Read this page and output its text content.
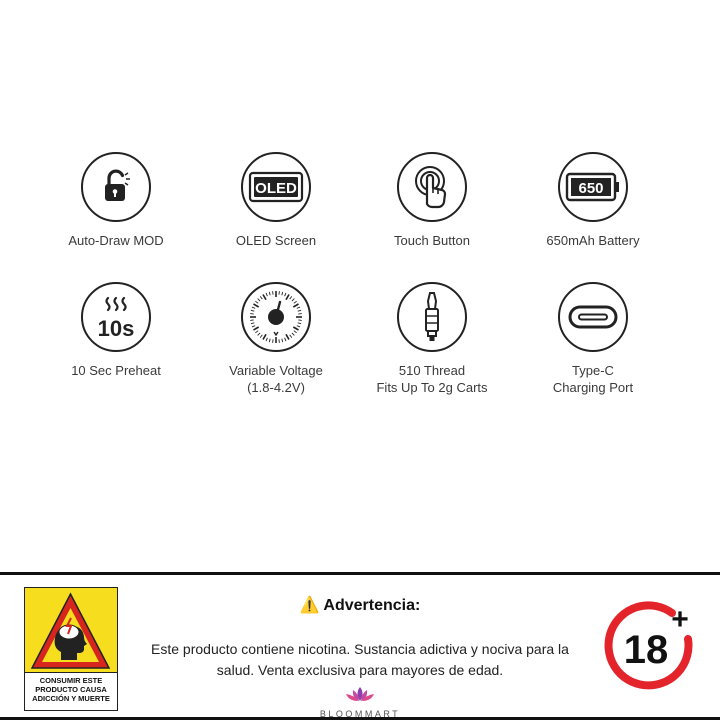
Auto-Draw MOD
OLED
OLED Screen	Touch Button
650
650mAh Battery
10s
10 Sec Preheat	Variable Voltage
(1.8-4.2V)
510 Thread
Fits Up To 2g Carts
Type-C
Charging Port
CONSUMIR ESTE
PRODUCTO CAUSA
ADICCIÓN Y MUERTE
⚠️ Advertencia:
Este producto contiene nicotina. Sustancia adictiva y nociva para la salud. Venta exclusiva para mayores de edad.
BLOOMMART
18
+
